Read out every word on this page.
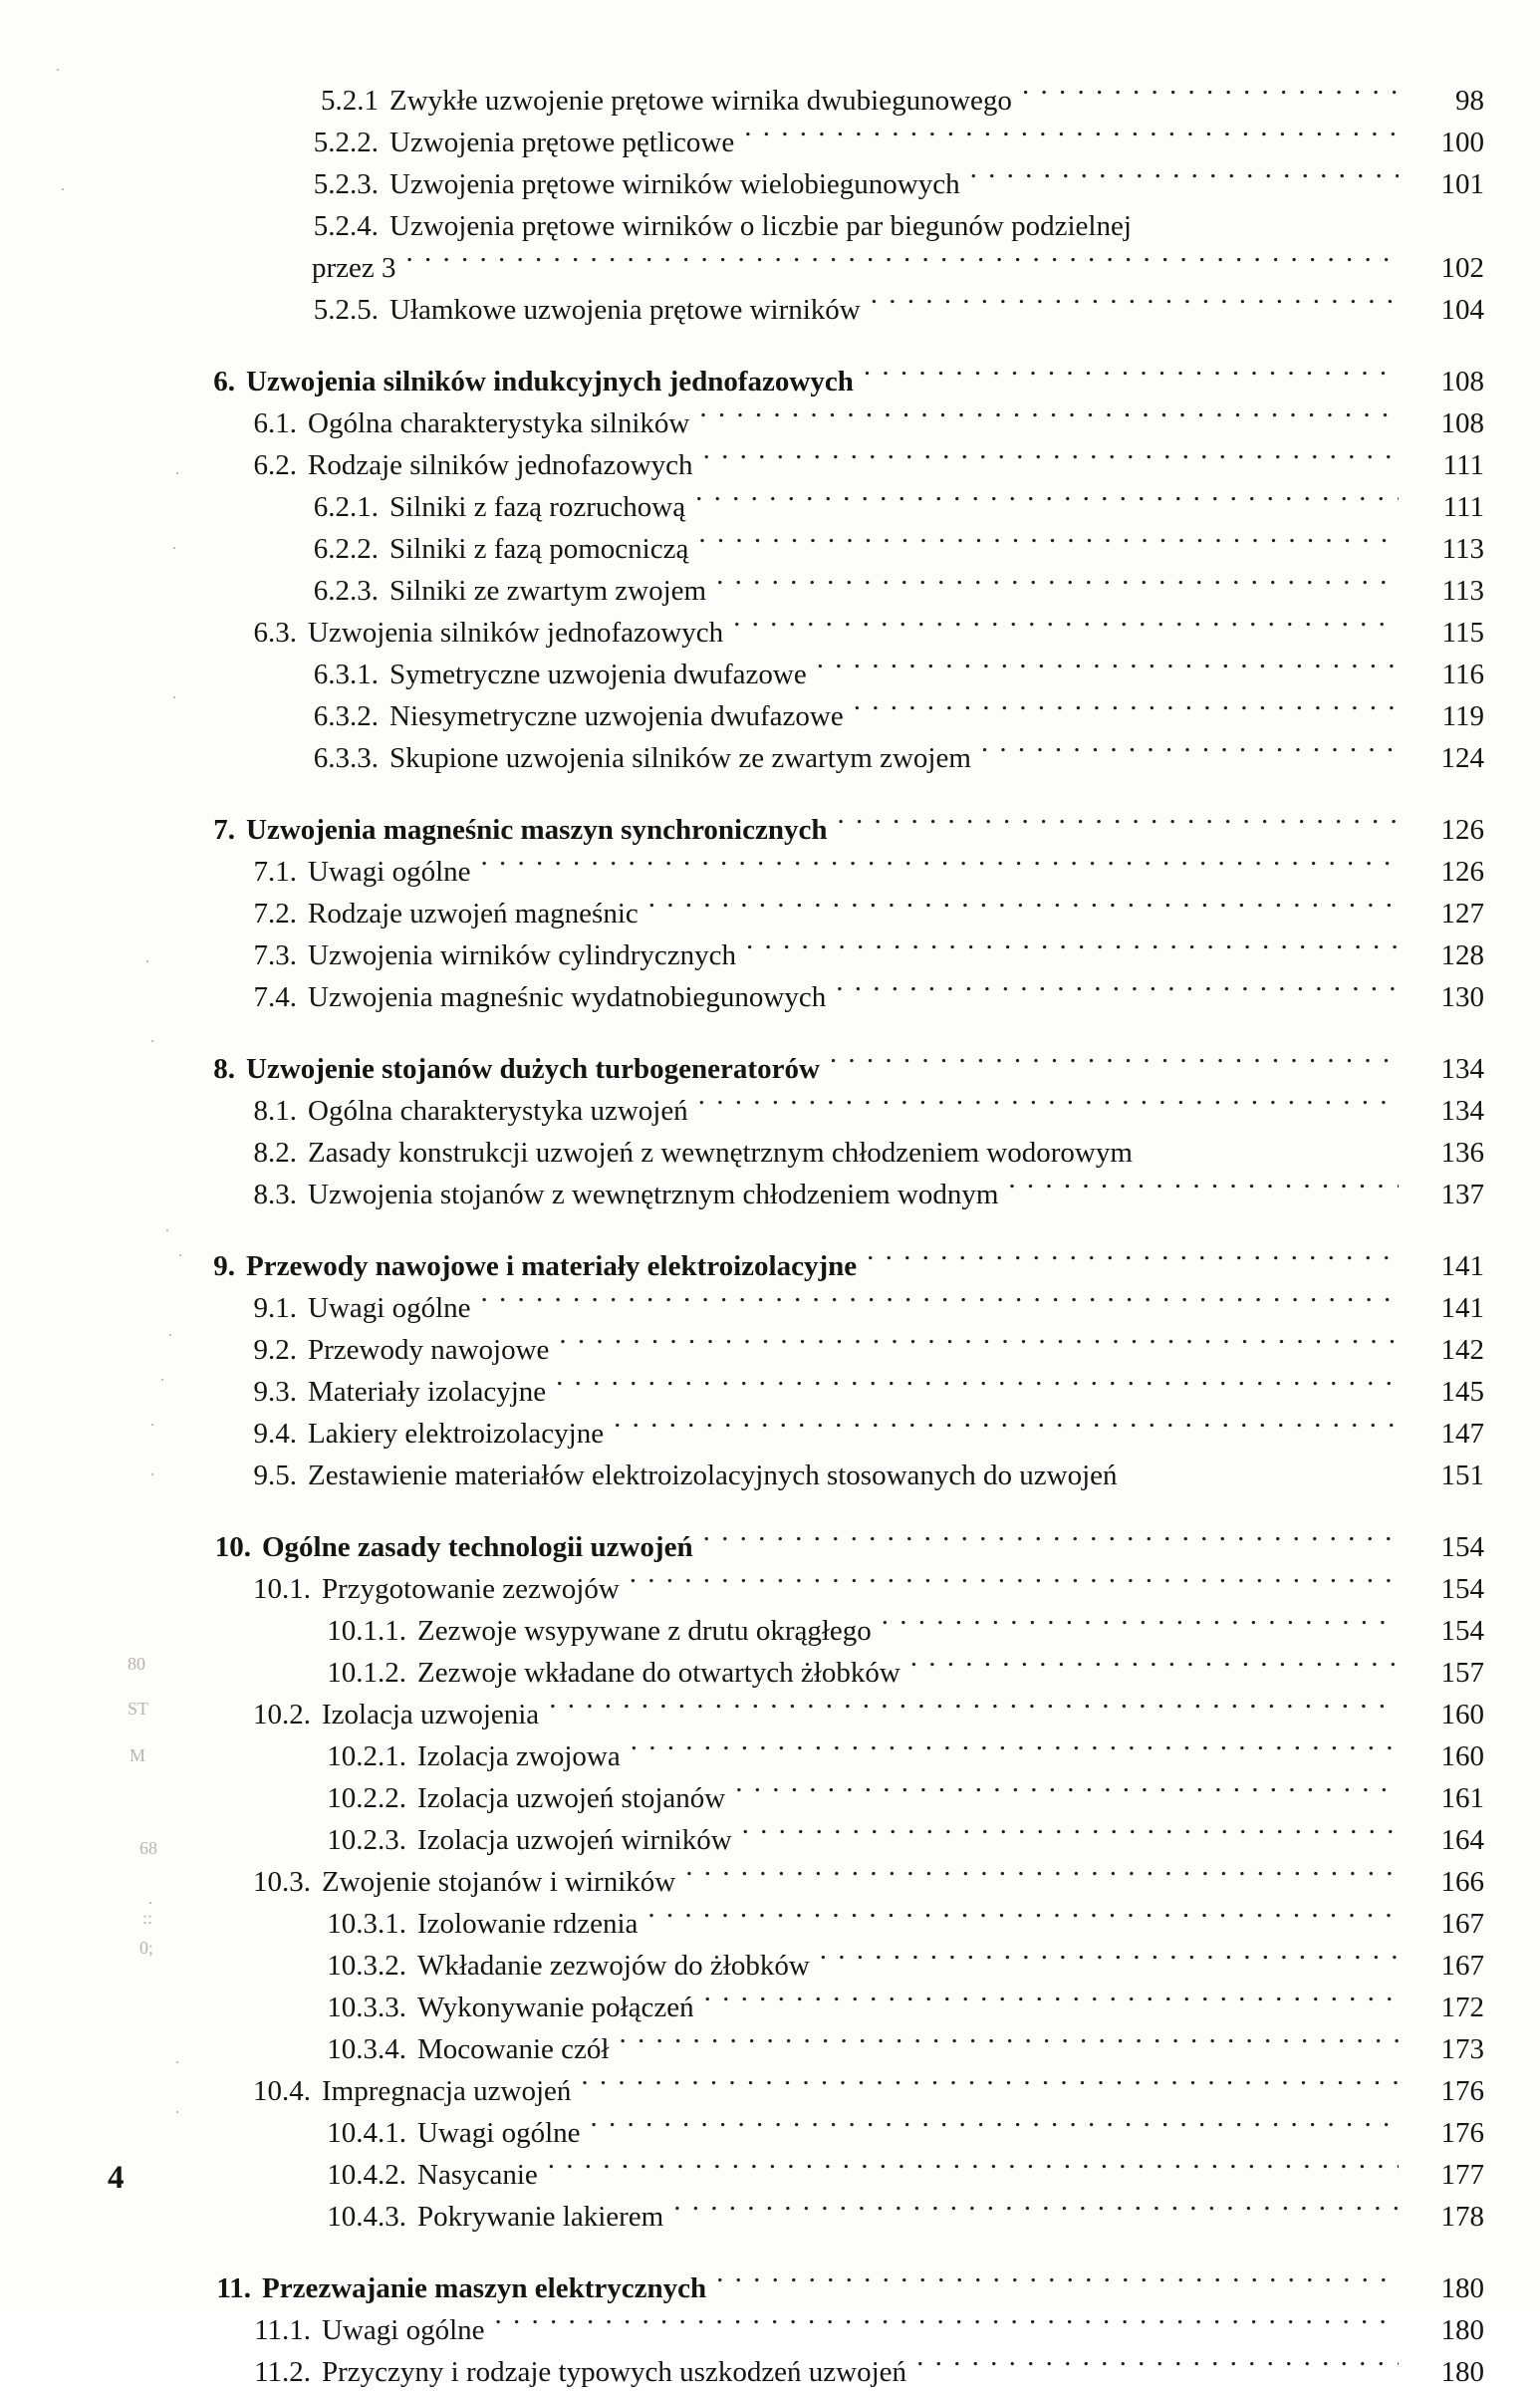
5.2.1 Zwykłe uzwojenie prętowe wirnika dwubiegunowego . . .	98
5.2.2. Uzwojenia prętowe pętlicowe . . .	100
5.2.3. Uzwojenia prętowe wirników wielobiegunowych . . .	101
5.2.4. Uzwojenia prętowe wirników o liczbie par biegunów podzielnej
przez 3 . . .	102
5.2.5. Ułamkowe uzwojenia prętowe wirników . . .	104
6. Uzwojenia silników indukcyjnych jednofazowych . . .	108
6.1. Ogólna charakterystyka silników . . .	108
6.2. Rodzaje silników jednofazowych . . .	111
6.2.1. Silniki z fazą rozruchową . . .	111
6.2.2. Silniki z fazą pomocniczą . . .	113
6.2.3. Silniki ze zwartym zwojem . . .	113
6.3. Uzwojenia silników jednofazowych . . .	115
6.3.1. Symetryczne uzwojenia dwufazowe . . .	116
6.3.2. Niesymetryczne uzwojenia dwufazowe . . .	119
6.3.3. Skupione uzwojenia silników ze zwartym zwojem . . .	124
7. Uzwojenia magneśnic maszyn synchronicznych . . .	126
7.1. Uwagi ogólne . . .	126
7.2. Rodzaje uzwojeń magneśnic . . .	127
7.3. Uzwojenia wirników cylindrycznych . . .	128
7.4. Uzwojenia magneśnic wydatnobiegunowych . . .	130
8. Uzwojenie stojanów dużych turbogeneratorów . . .	134
8.1. Ogólna charakterystyka uzwojeń . . .	134
8.2. Zasady konstrukcji uzwojeń z wewnętrznym chłodzeniem wodorowym	136
8.3. Uzwojenia stojanów z wewnętrznym chłodzeniem wodnym . . .	137
9. Przewody nawojowe i materiały elektroizolacyjne . . .	141
9.1. Uwagi ogólne . . .	141
9.2. Przewody nawojowe . . .	142
9.3. Materiały izolacyjne . . .	145
9.4. Lakiery elektroizolacyjne . . .	147
9.5. Zestawienie materiałów elektroizolacyjnych stosowanych do uzwojeń	151
10. Ogólne zasady technologii uzwojeń . . .	154
10.1. Przygotowanie zezwojów . . .	154
10.1.1. Zezwoje wsypywane z drutu okrągłego . . .	154
10.1.2. Zezwoje wkładane do otwartych żłobków . . .	157
10.2. Izolacja uzwojenia . . .	160
10.2.1. Izolacja zwojowa . . .	160
10.2.2. Izolacja uzwojeń stojanów . . .	161
10.2.3. Izolacja uzwojeń wirników . . .	164
10.3. Zwojenie stojanów i wirników . . .	166
10.3.1. Izolowanie rdzenia . . .	167
10.3.2. Wkładanie zezwojów do żłobków . . .	167
10.3.3. Wykonywanie połączeń . . .	172
10.3.4. Mocowanie czół . . .	173
10.4. Impregnacja uzwojeń . . .	176
10.4.1. Uwagi ogólne . . .	176
10.4.2. Nasycanie . . .	177
10.4.3. Pokrywanie lakierem . . .	178
11. Przezwajanie maszyn elektrycznych . . .	180
11.1. Uwagi ogólne . . .	180
11.2. Przyczyny i rodzaje typowych uszkodzeń uzwojeń . . .	180
4
·
·
·
·
·
·
·
·
·
·
·
·
·
80
ST
M
68
·
::
0;
·
·
